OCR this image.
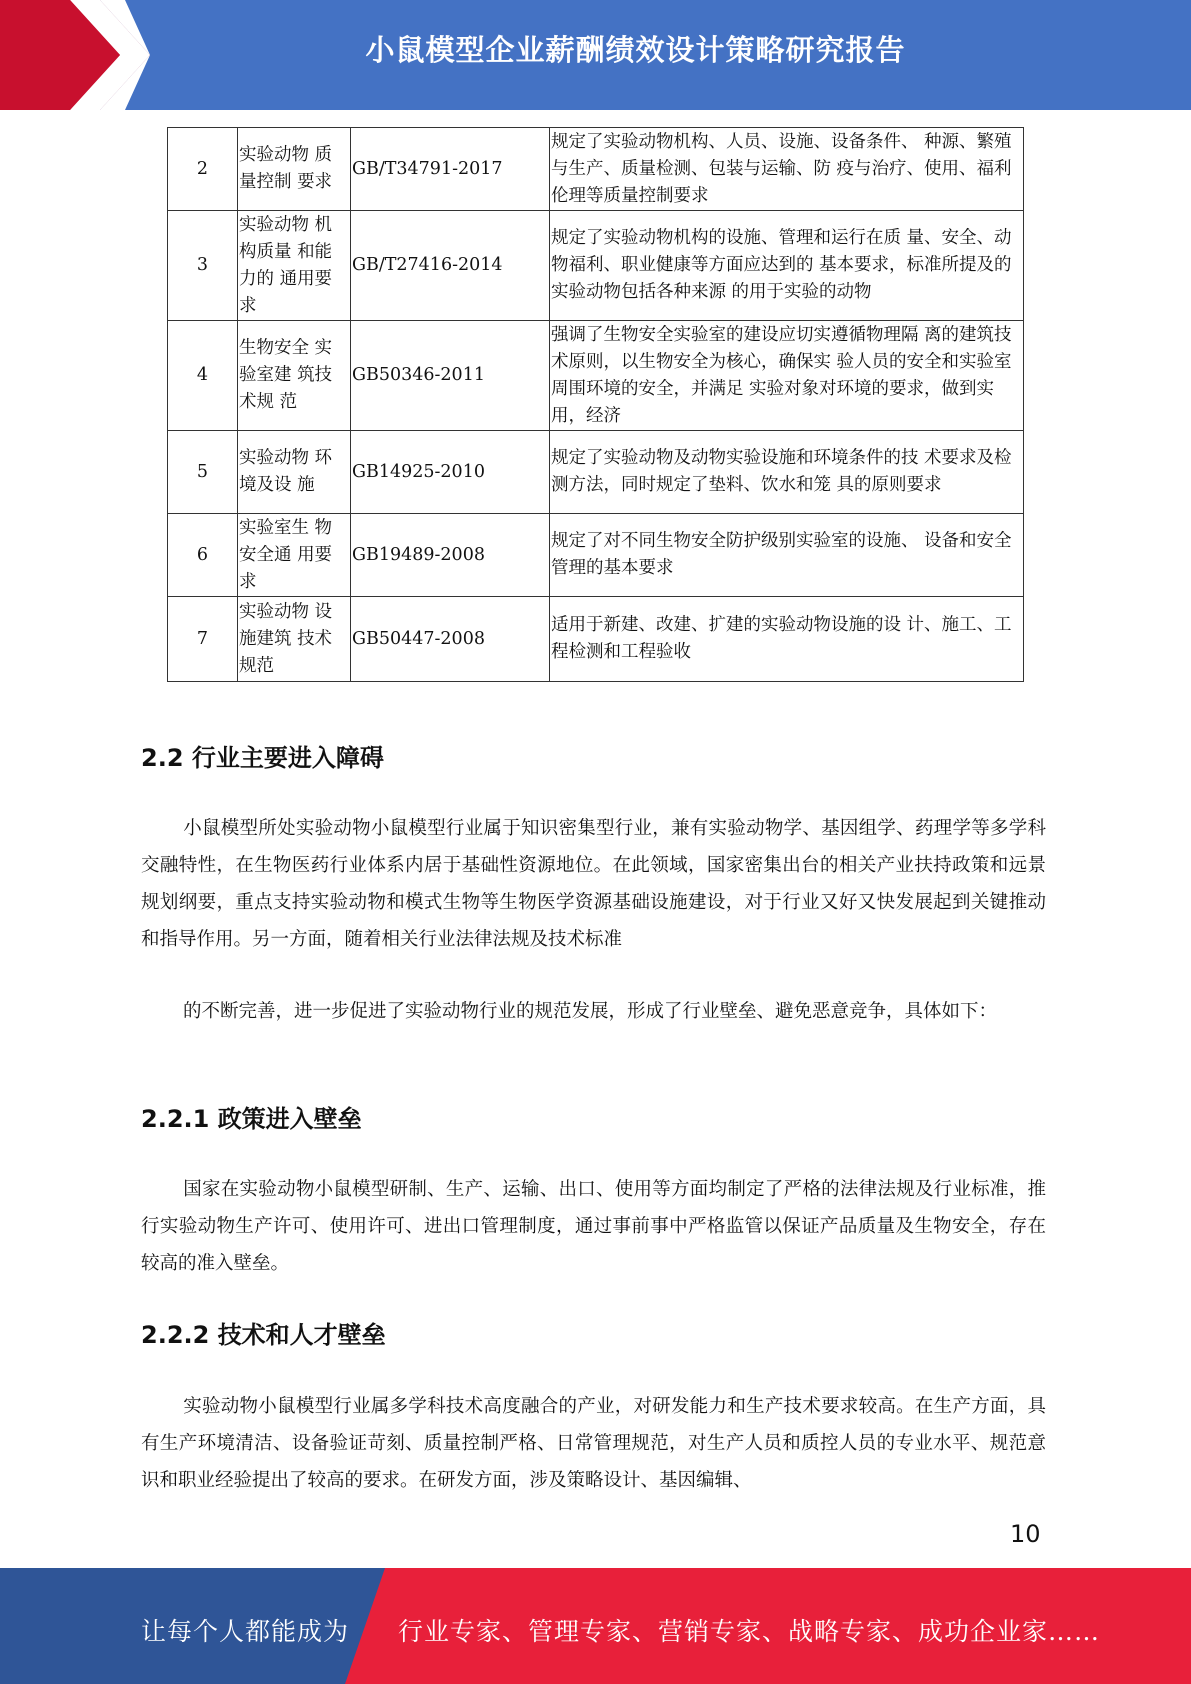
小鼠模型企业薪酬绩效设计策略研究报告
2	实验动物 质量控制 要求	GB/T34791-2017	规定了实验动物机构、人员、设施、设备条件、 种源、繁殖与生产、质量检测、包装与运输、防 疫与治疗、使用、福利伦理等质量控制要求
3	实验动物 机构质量 和能力的 通用要求	GB/T27416-2014	规定了实验动物机构的设施、管理和运行在质 量、安全、动物福利、职业健康等方面应达到的 基本要求，标准所提及的实验动物包括各种来源 的用于实验的动物
4	生物安全 实验室建 筑技术规 范	GB50346-2011	强调了生物安全实验室的建设应切实遵循物理隔 离的建筑技术原则，以生物安全为核心，确保实 验人员的安全和实验室周围环境的安全，并满足 实验对象对环境的要求，做到实用，经济
5	实验动物 环境及设 施	GB14925-2010	规定了实验动物及动物实验设施和环境条件的技 术要求及检测方法，同时规定了垫料、饮水和笼 具的原则要求
6	实验室生 物安全通 用要求	GB19489-2008	规定了对不同生物安全防护级别实验室的设施、 设备和安全管理的基本要求
7	实验动物 设施建筑 技术规范	GB50447-2008	适用于新建、改建、扩建的实验动物设施的设 计、施工、工程检测和工程验收
2.2 行业主要进入障碍
小鼠模型所处实验动物小鼠模型行业属于知识密集型行业，兼有实验动物学、基因组学、药理学等多学科交融特性，在生物医药行业体系内居于基础性资源地位。在此领域，国家密集出台的相关产业扶持政策和远景规划纲要，重点支持实验动物和模式生物等生物医学资源基础设施建设，对于行业又好又快发展起到关键推动和指导作用。另一方面，随着相关行业法律法规及技术标准
的不断完善，进一步促进了实验动物行业的规范发展，形成了行业壁垒、避免恶意竞争，具体如下：
2.2.1 政策进入壁垒
国家在实验动物小鼠模型研制、生产、运输、出口、使用等方面均制定了严格的法律法规及行业标准，推行实验动物生产许可、使用许可、进出口管理制度，通过事前事中严格监管以保证产品质量及生物安全，存在较高的准入壁垒。
2.2.2 技术和人才壁垒
实验动物小鼠模型行业属多学科技术高度融合的产业，对研发能力和生产技术要求较高。在生产方面，具有生产环境清洁、设备验证苛刻、质量控制严格、日常管理规范，对生产人员和质控人员的专业水平、规范意识和职业经验提出了较高的要求。在研发方面，涉及策略设计、基因编辑、
10
让每个人都能成为 行业专家、管理专家、营销专家、战略专家、成功企业家……
